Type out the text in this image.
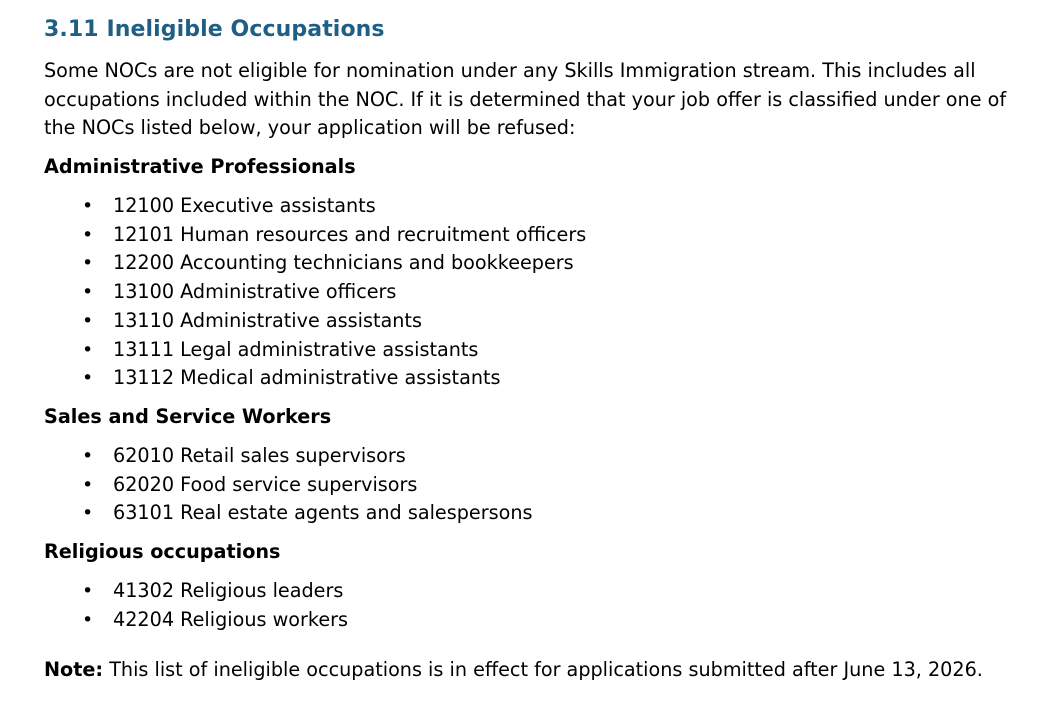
3.11 Ineligible Occupations

Some NOCs are not eligible for nomination under any Skills Immigration stream. This includes all occupations included within the NOC. If it is determined that your job offer is classified under one of the NOCs listed below, your application will be refused:

Administrative Professionals
• 12100 Executive assistants
• 12101 Human resources and recruitment officers
• 12200 Accounting technicians and bookkeepers
• 13100 Administrative officers
• 13110 Administrative assistants
• 13111 Legal administrative assistants
• 13112 Medical administrative assistants
Sales and Service Workers
• 62010 Retail sales supervisors
• 62020 Food service supervisors
• 63101 Real estate agents and salespersons
Religious occupations
• 41302 Religious leaders
• 42204 Religious workers

Note: This list of ineligible occupations is in effect for applications submitted after June 13, 2026.
